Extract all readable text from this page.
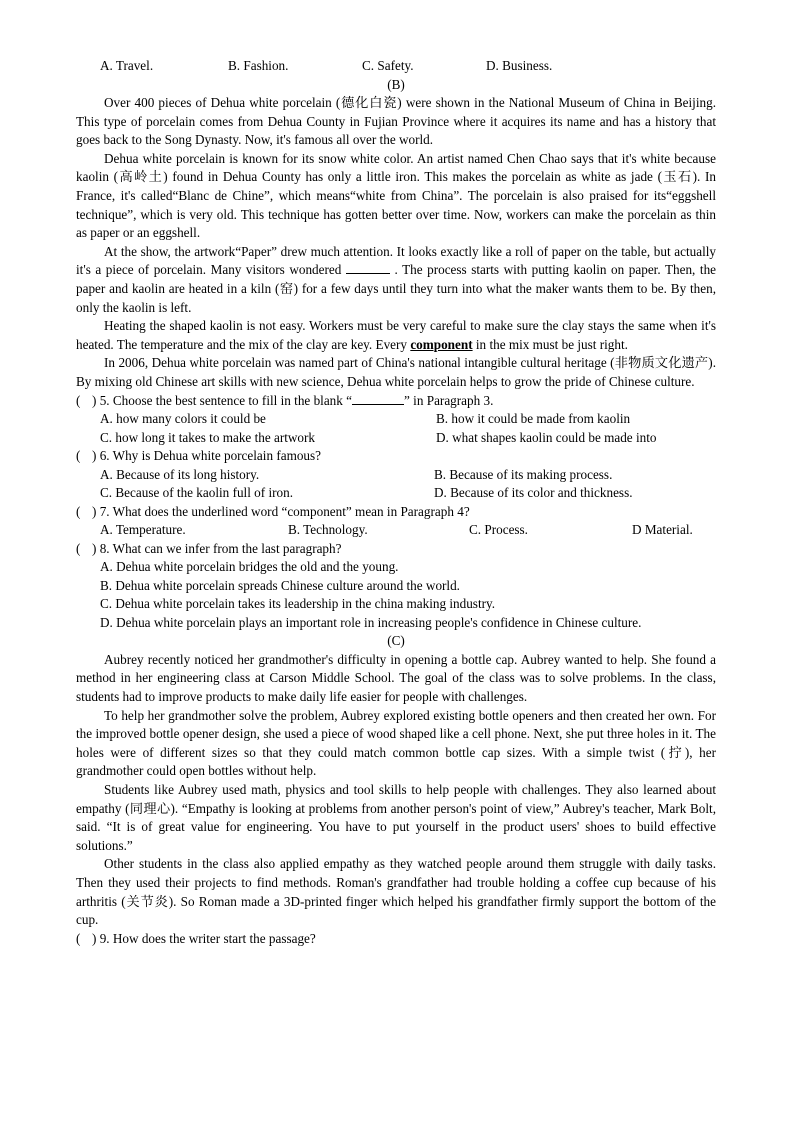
A. Travel.	B. Fashion.	C. Safety.	D. Business.
(B)

Over 400 pieces of Dehua white porcelain (德化白瓷) were shown in the National Museum of China in Beijing. This type of porcelain comes from Dehua County in Fujian Province where it acquires its name and has a history that goes back to the Song Dynasty. Now, it's famous all over the world.

Dehua white porcelain is known for its snow white color. An artist named Chen Chao says that it's white because kaolin (高岭土) found in Dehua County has only a little iron. This makes the porcelain as white as jade (玉石). In France, it's called“Blanc de Chine”, which means“white from China”. The porcelain is also praised for its“eggshell technique”, which is very old. This technique has gotten better over time. Now, workers can make the porcelain as thin as paper or an eggshell.

At the show, the artwork“Paper” drew much attention. It looks exactly like a roll of paper on the table, but actually it's a piece of porcelain. Many visitors wondered	. The process starts with putting kaolin on paper. Then, the paper and kaolin are heated in a kiln (窑) for a few days until they turn into what the maker wants them to be. By then, only the kaolin is left.

Heating the shaped kaolin is not easy. Workers must be very careful to make sure the clay stays the same when it's heated. The temperature and the mix of the clay are key. Every component in the mix must be just right.

In 2006, Dehua white porcelain was named part of China's national intangible cultural heritage (非物质文化遗产). By mixing old Chinese art skills with new science, Dehua white porcelain helps to grow the pride of Chinese culture.

( ) 5. Choose the best sentence to fill in the blank “	” in Paragraph 3.
A. how many colors it could be	B. how it could be made from kaolin
C. how long it takes to make the artwork	D. what shapes kaolin could be made into
( ) 6. Why is Dehua white porcelain famous?
A. Because of its long history.	B. Because of its making process.
C. Because of the kaolin full of iron.	D. Because of its color and thickness.
( ) 7. What does the underlined word “component” mean in Paragraph 4?
A. Temperature.	B. Technology.	C. Process.	D Material.
( ) 8. What can we infer from the last paragraph?

A. Dehua white porcelain bridges the old and the young.

B. Dehua white porcelain spreads Chinese culture around the world.

C. Dehua white porcelain takes its leadership in the china making industry.

D. Dehua white porcelain plays an important role in increasing people's confidence in Chinese culture.

(C)

Aubrey recently noticed her grandmother's difficulty in opening a bottle cap. Aubrey wanted to help. She found a method in her engineering class at Carson Middle School. The goal of the class was to solve problems. In the class, students had to improve products to make daily life easier for people with challenges.

To help her grandmother solve the problem, Aubrey explored existing bottle openers and then created her own. For the improved bottle opener design, she used a piece of wood shaped like a cell phone. Next, she put three holes in it. The holes were of different sizes so that they could match common bottle cap sizes. With a simple twist (拧), her grandmother could open bottles without help.

Students like Aubrey used math, physics and tool skills to help people with challenges. They also learned about empathy (同理心). “Empathy is looking at problems from another person's point of view,” Aubrey's teacher, Mark Bolt, said. “It is of great value for engineering. You have to put yourself in the product users' shoes to build effective solutions.”

Other students in the class also applied empathy as they watched people around them struggle with daily tasks. Then they used their projects to find methods. Roman's grandfather had trouble holding a coffee cup because of his arthritis (关节炎). So Roman made a 3D-printed finger which helped his grandfather firmly support the bottom of the cup.

( ) 9. How does the writer start the passage?
